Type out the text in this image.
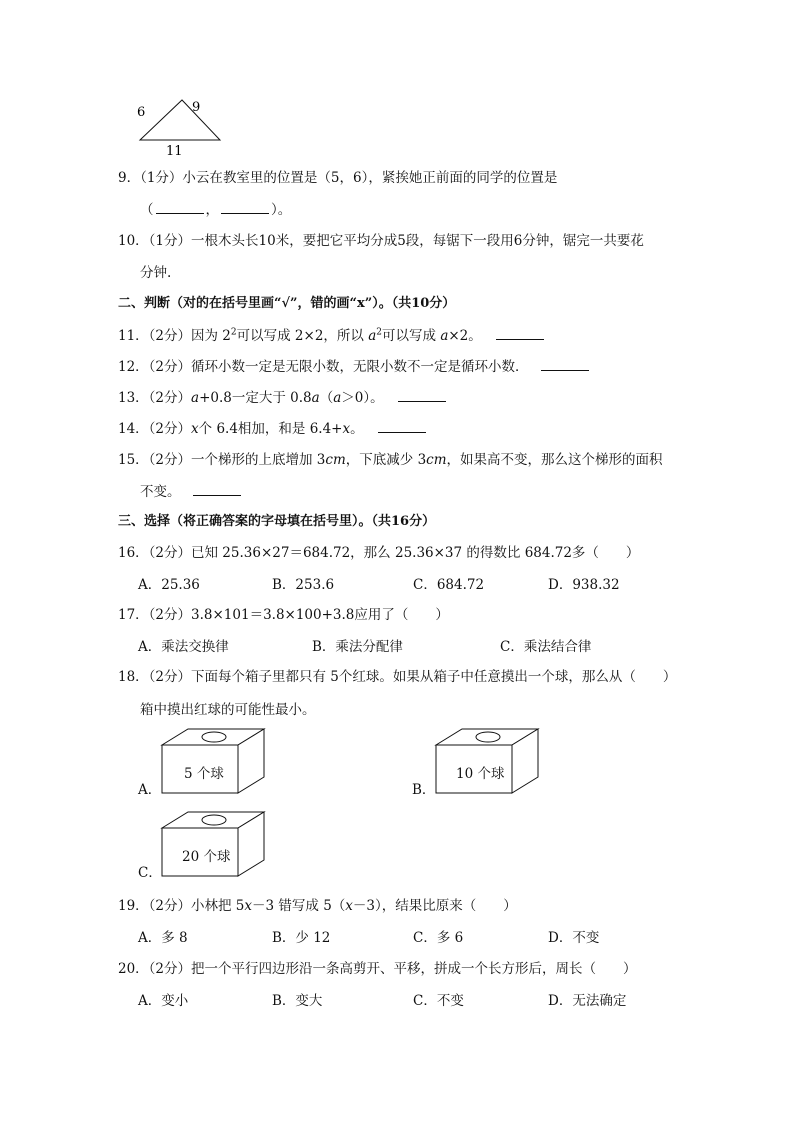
6	9
11
9．（1分）小云在教室里的位置是（5，6），紧挨她正前面的同学的位置是
（	，	）。
10．（1分）一根木头长10米，要把它平均分成5段，每锯下一段用6分钟，锯完一共要花
分钟.
二、判断（对的在括号里画“√”，错的画“x”）。（共10分）
11．（2分）因为 $2^2$可以写成 2×2，所以 $a^2$可以写成 a×2。
12．（2分）循环小数一定是无限小数，无限小数不一定是循环小数．
13．（2分）a+0.8一定大于 0.8a（a＞0）。
14．（2分）x个 6.4相加，和是 6.4+x。
15．（2分）一个梯形的上底增加 3cm，下底减少 3cm，如果高不变，那么这个梯形的面积
不变。
三、选择（将正确答案的字母填在括号里）。（共16分）
16．（2分）已知 25.36×27＝684.72，那么 25.36×37 的得数比 684.72多（　　）
A．25.36	B．253.6	C．684.72	D．938.32
17．（2分）3.8×101＝3.8×100+3.8应用了（　　）
A．乘法交换律	B．乘法分配律	C．乘法结合律
18．（2分）下面每个箱子里都只有 5个红球。如果从箱子中任意摸出一个球，那么从（　　）
箱中摸出红球的可能性最小。
A．
5 个球
B．
10 个球
C．
20 个球
19．（2分）小林把 5x－3 错写成 5（x－3），结果比原来（　　）
A．多 8	B．少 12	C．多 6	D．不变
20．（2分）把一个平行四边形沿一条高剪开、平移，拼成一个长方形后，周长（　　）
A．变小	B．变大	C．不变	D．无法确定
